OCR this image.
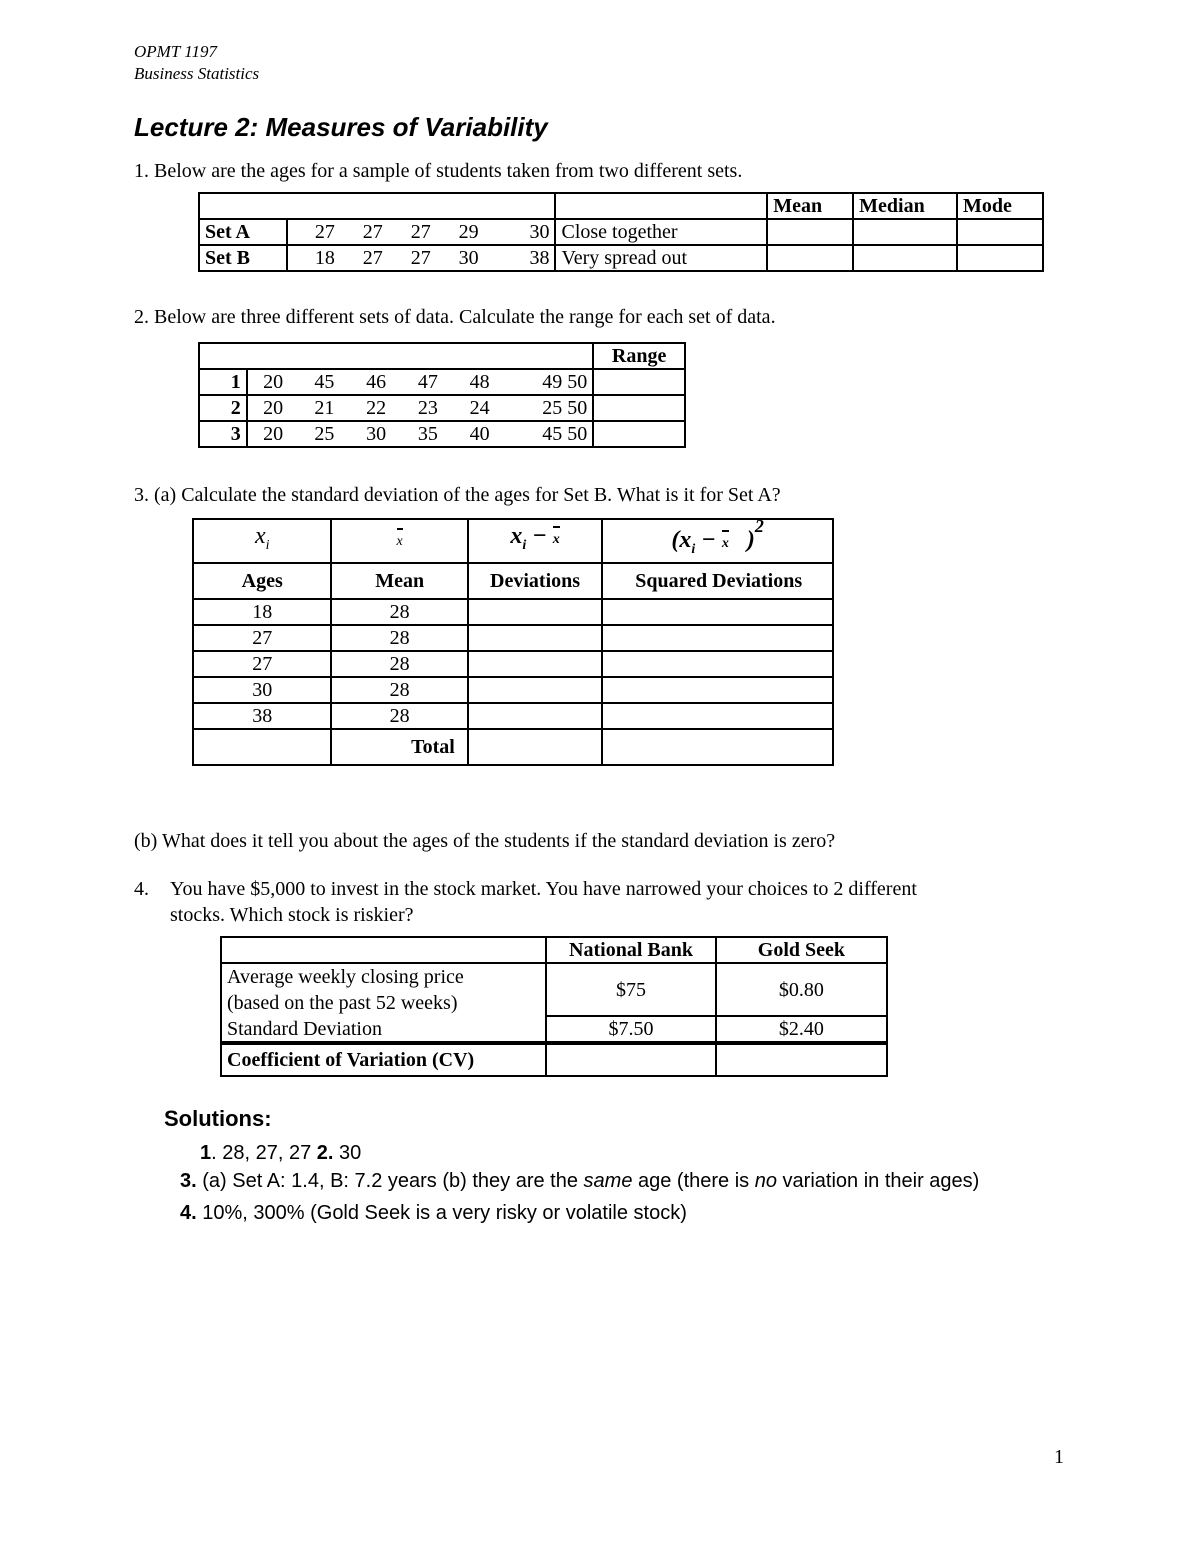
OPMT 1197
Business Statistics
Lecture 2: Measures of Variability
1. Below are the ages for a sample of students taken from two different sets.
							Mean	Median	Mode
Set A	27	27	27	29	30	Close together			
Set B	18	27	27	30	38	Very spread out			
2. Below are three different sets of data. Calculate the range for each set of data.
							Range
1	20	45	46	47	48	49 50	
2	20	21	22	23	24	25 50	
3	20	25	30	35	40	45 50	
3. (a) Calculate the standard deviation of the ages for Set B. What is it for Set A?
$x_i$	x	$x_i - x$	($x_i - x$ )$^2$
Ages	Mean	Deviations	Squared Deviations
18	28		
27	28		
27	28		
30	28		
38	28		
	Total		
(b) What does it tell you about the ages of the students if the standard deviation is zero?
4. You have $5,000 to invest in the stock market. You have narrowed your choices to 2 different
stocks. Which stock is riskier?
	National Bank	Gold Seek

Average weekly closing price
(based on the past 52 weeks)	$75	$0.80
Standard Deviation	$7.50	$2.40
Coefficient of Variation (CV)		
Solutions:
1. 28, 27, 27 2. 30
3. (a) Set A: 1.4, B: 7.2 years (b) they are the same age (there is no variation in their ages)
4. 10%, 300% (Gold Seek is a very risky or volatile stock)
1
